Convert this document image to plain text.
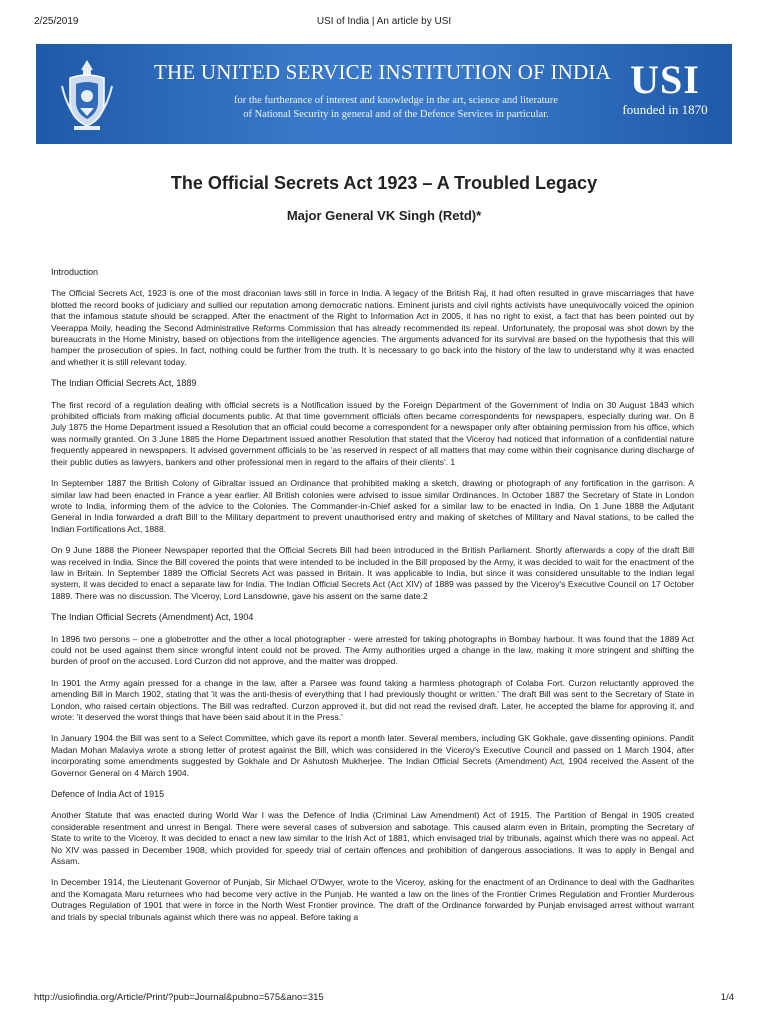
2/25/2019	USI of India | An article by USI
THE UNITED SERVICE INSTITUTION OF INDIA
for the furtherance of interest and knowledge in the art, science and literature
of National Security in general and of the Defence Services in particular.
USI
founded in 1870
The Official Secrets Act 1923 – A Troubled Legacy
Major General VK Singh (Retd)*
Introduction

The Official Secrets Act, 1923 is one of the most draconian laws still in force in India. A legacy of the British Raj, it had often resulted in grave miscarriages that have blotted the record books of judiciary and sullied our reputation among democratic nations. Eminent jurists and civil rights activists have unequivocally voiced the opinion that the infamous statute should be scrapped. After the enactment of the Right to Information Act in 2005, it has no right to exist, a fact that has been pointed out by Veerappa Moily, heading the Second Administrative Reforms Commission that has already recommended its repeal. Unfortunately, the proposal was shot down by the bureaucrats in the Home Ministry, based on objections from the intelligence agencies. The arguments advanced for its survival are based on the hypothesis that this will hamper the prosecution of spies. In fact, nothing could be further from the truth. It is necessary to go back into the history of the law to understand why it was enacted and whether it is still relevant today.

The Indian Official Secrets Act, 1889

The first record of a regulation dealing with official secrets is a Notification issued by the Foreign Department of the Government of India on 30 August 1843 which prohibited officials from making official documents public. At that time government officials often became correspondents for newspapers, especially during war. On 8 July 1875 the Home Department issued a Resolution that an official could become a correspondent for a newspaper only after obtaining permission from his office, which was normally granted. On 3 June 1885 the Home Department issued another Resolution that stated that the Viceroy had noticed that information of a confidential nature frequently appeared in newspapers. It advised government officials to be 'as reserved in respect of all matters that may come within their cognisance during discharge of their public duties as lawyers, bankers and other professional men in regard to the affairs of their clients'. 1

In September 1887 the British Colony of Gibraltar issued an Ordinance that prohibited making a sketch, drawing or photograph of any fortification in the garrison. A similar law had been enacted in France a year earlier. All British colonies were advised to issue similar Ordinances. In October 1887 the Secretary of State in London wrote to India, informing them of the advice to the Colonies. The Commander-in-Chief asked for a similar law to be enacted in India. On 1 June 1888 the Adjutant General in India forwarded a draft Bill to the Military department to prevent unauthorised entry and making of sketches of Military and Naval stations, to be called the Indian Fortifications Act, 1888.

On 9 June 1888 the Pioneer Newspaper reported that the Official Secrets Bill had been introduced in the British Parliament. Shortly afterwards a copy of the draft Bill was received in India. Since the Bill covered the points that were intended to be included in the Bill proposed by the Army, it was decided to wait for the enactment of the law in Britain. In September 1889 the Official Secrets Act was passed in Britain. It was applicable to India, but since it was considered unsuitable to the Indian legal system, it was decided to enact a separate law for India. The Indian Official Secrets Act (Act XIV) of 1889 was passed by the Viceroy's Executive Council on 17 October 1889. There was no discussion. The Viceroy, Lord Lansdowne, gave his assent on the same date.2

The Indian Official Secrets (Amendment) Act, 1904

In 1896 two persons – one a globetrotter and the other a local photographer - were arrested for taking photographs in Bombay harbour. It was found that the 1889 Act could not be used against them since wrongful intent could not be proved. The Army authorities urged a change in the law, making it more stringent and shifting the burden of proof on the accused. Lord Curzon did not approve, and the matter was dropped.

In 1901 the Army again pressed for a change in the law, after a Parsee was found taking a harmless photograph of Colaba Fort. Curzon reluctantly approved the amending Bill in March 1902, stating that 'it was the anti-thesis of everything that I had previously thought or written.' The draft Bill was sent to the Secretary of State in London, who raised certain objections. The Bill was redrafted. Curzon approved it, but did not read the revised draft. Later, he accepted the blame for approving it, and wrote: 'it deserved the worst things that have been said about it in the Press.'

In January 1904 the Bill was sent to a Select Committee, which gave its report a month later. Several members, including GK Gokhale, gave dissenting opinions. Pandit Madan Mohan Malaviya wrote a strong letter of protest against the Bill, which was considered in the Viceroy's Executive Council and passed on 1 March 1904, after incorporating some amendments suggested by Gokhale and Dr Ashutosh Mukherjee. The Indian Official Secrets (Amendment) Act, 1904 received the Assent of the Governor General on 4 March 1904.

Defence of India Act of 1915

Another Statute that was enacted during World War I was the Defence of India (Criminal Law Amendment) Act of 1915. The Partition of Bengal in 1905 created considerable resentment and unrest in Bengal. There were several cases of subversion and sabotage. This caused alarm even in Britain, prompting the Secretary of State to write to the Viceroy. It was decided to enact a new law similar to the Irish Act of 1881, which envisaged trial by tribunals, against which there was no appeal. Act No XIV was passed in December 1908, which provided for speedy trial of certain offences and prohibition of dangerous associations. It was to apply in Bengal and Assam.

In December 1914, the Lieutenant Governor of Punjab, Sir Michael O'Dwyer, wrote to the Viceroy, asking for the enactment of an Ordinance to deal with the Gadharites and the Komagata Maru returnees who had become very active in the Punjab. He wanted a law on the lines of the Frontier Crimes Regulation and Frontier Murderous Outrages Regulation of 1901 that were in force in the North West Frontier province. The draft of the Ordinance forwarded by Punjab envisaged arrest without warrant and trials by special tribunals against which there was no appeal. Before taking a

http://usiofindia.org/Article/Print/?pub=Journal&pubno=575&ano=315	1/4
